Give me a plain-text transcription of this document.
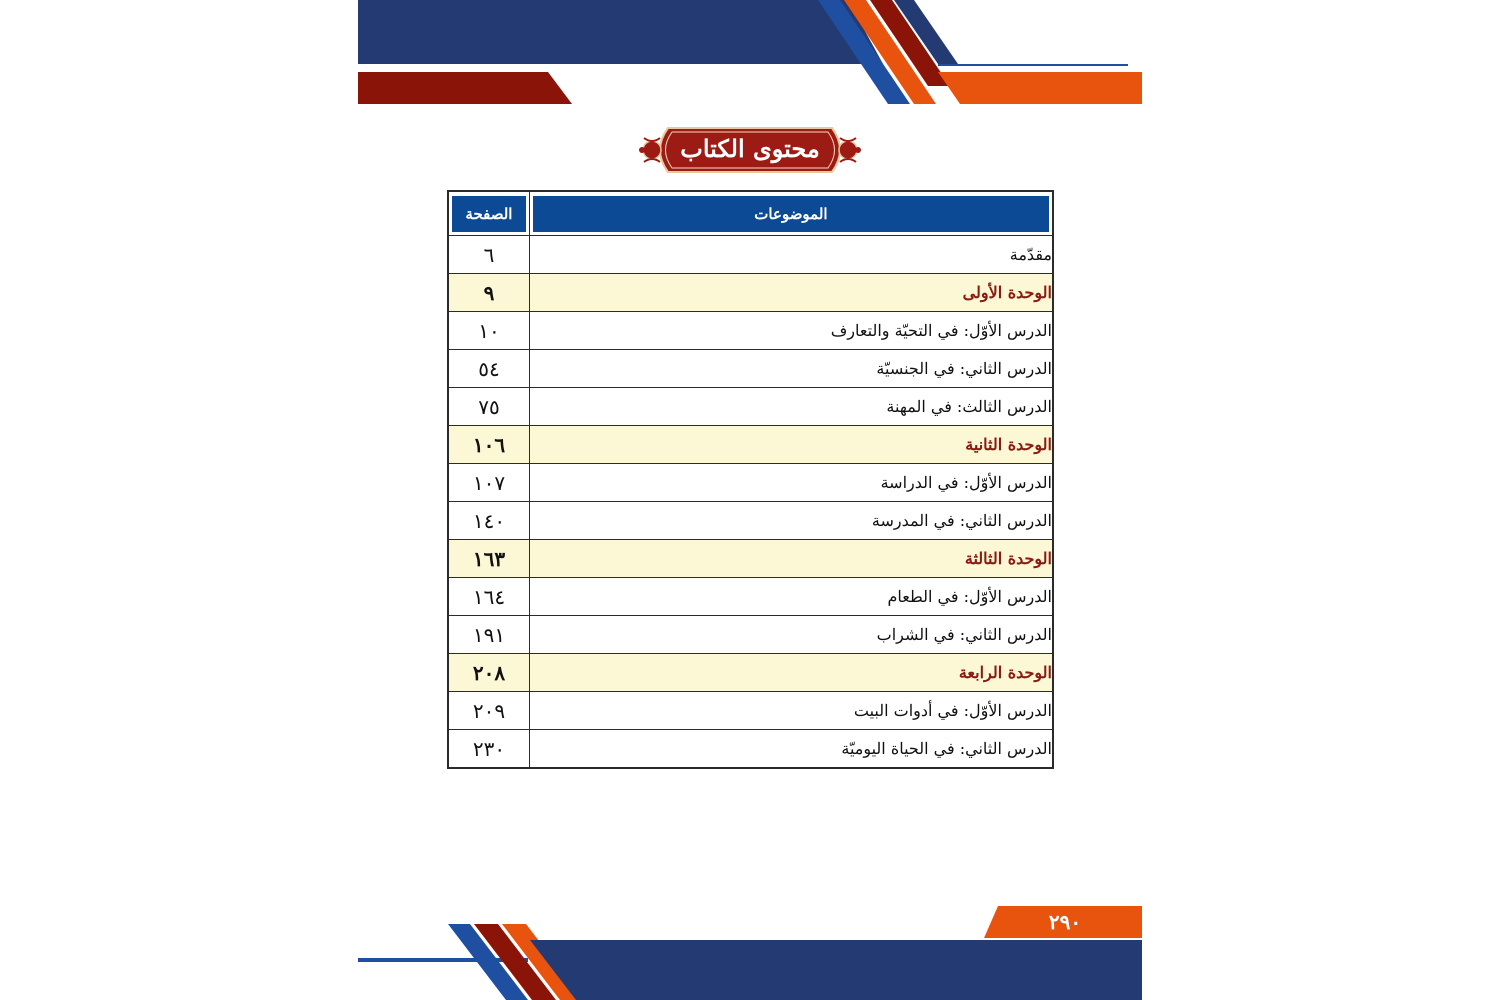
محتوى الكتاب
الموضوعات	الصفحة

مقدّمة	٦
الوحدة الأولى	٩
الدرس الأوّل: في التحيّة والتعارف	١٠
الدرس الثاني: في الجنسيّة	٥٤
الدرس الثالث: في المهنة	٧٥
الوحدة الثانية	١٠٦
الدرس الأوّل: في الدراسة	١٠٧
الدرس الثاني: في المدرسة	١٤٠
الوحدة الثالثة	١٦٣
الدرس الأوّل: في الطعام	١٦٤
الدرس الثاني: في الشراب	١٩١
الوحدة الرابعة	٢٠٨
الدرس الأوّل: في أدوات البيت	٢٠٩
الدرس الثاني: في الحياة اليوميّة	٢٣٠
٢٩٠
